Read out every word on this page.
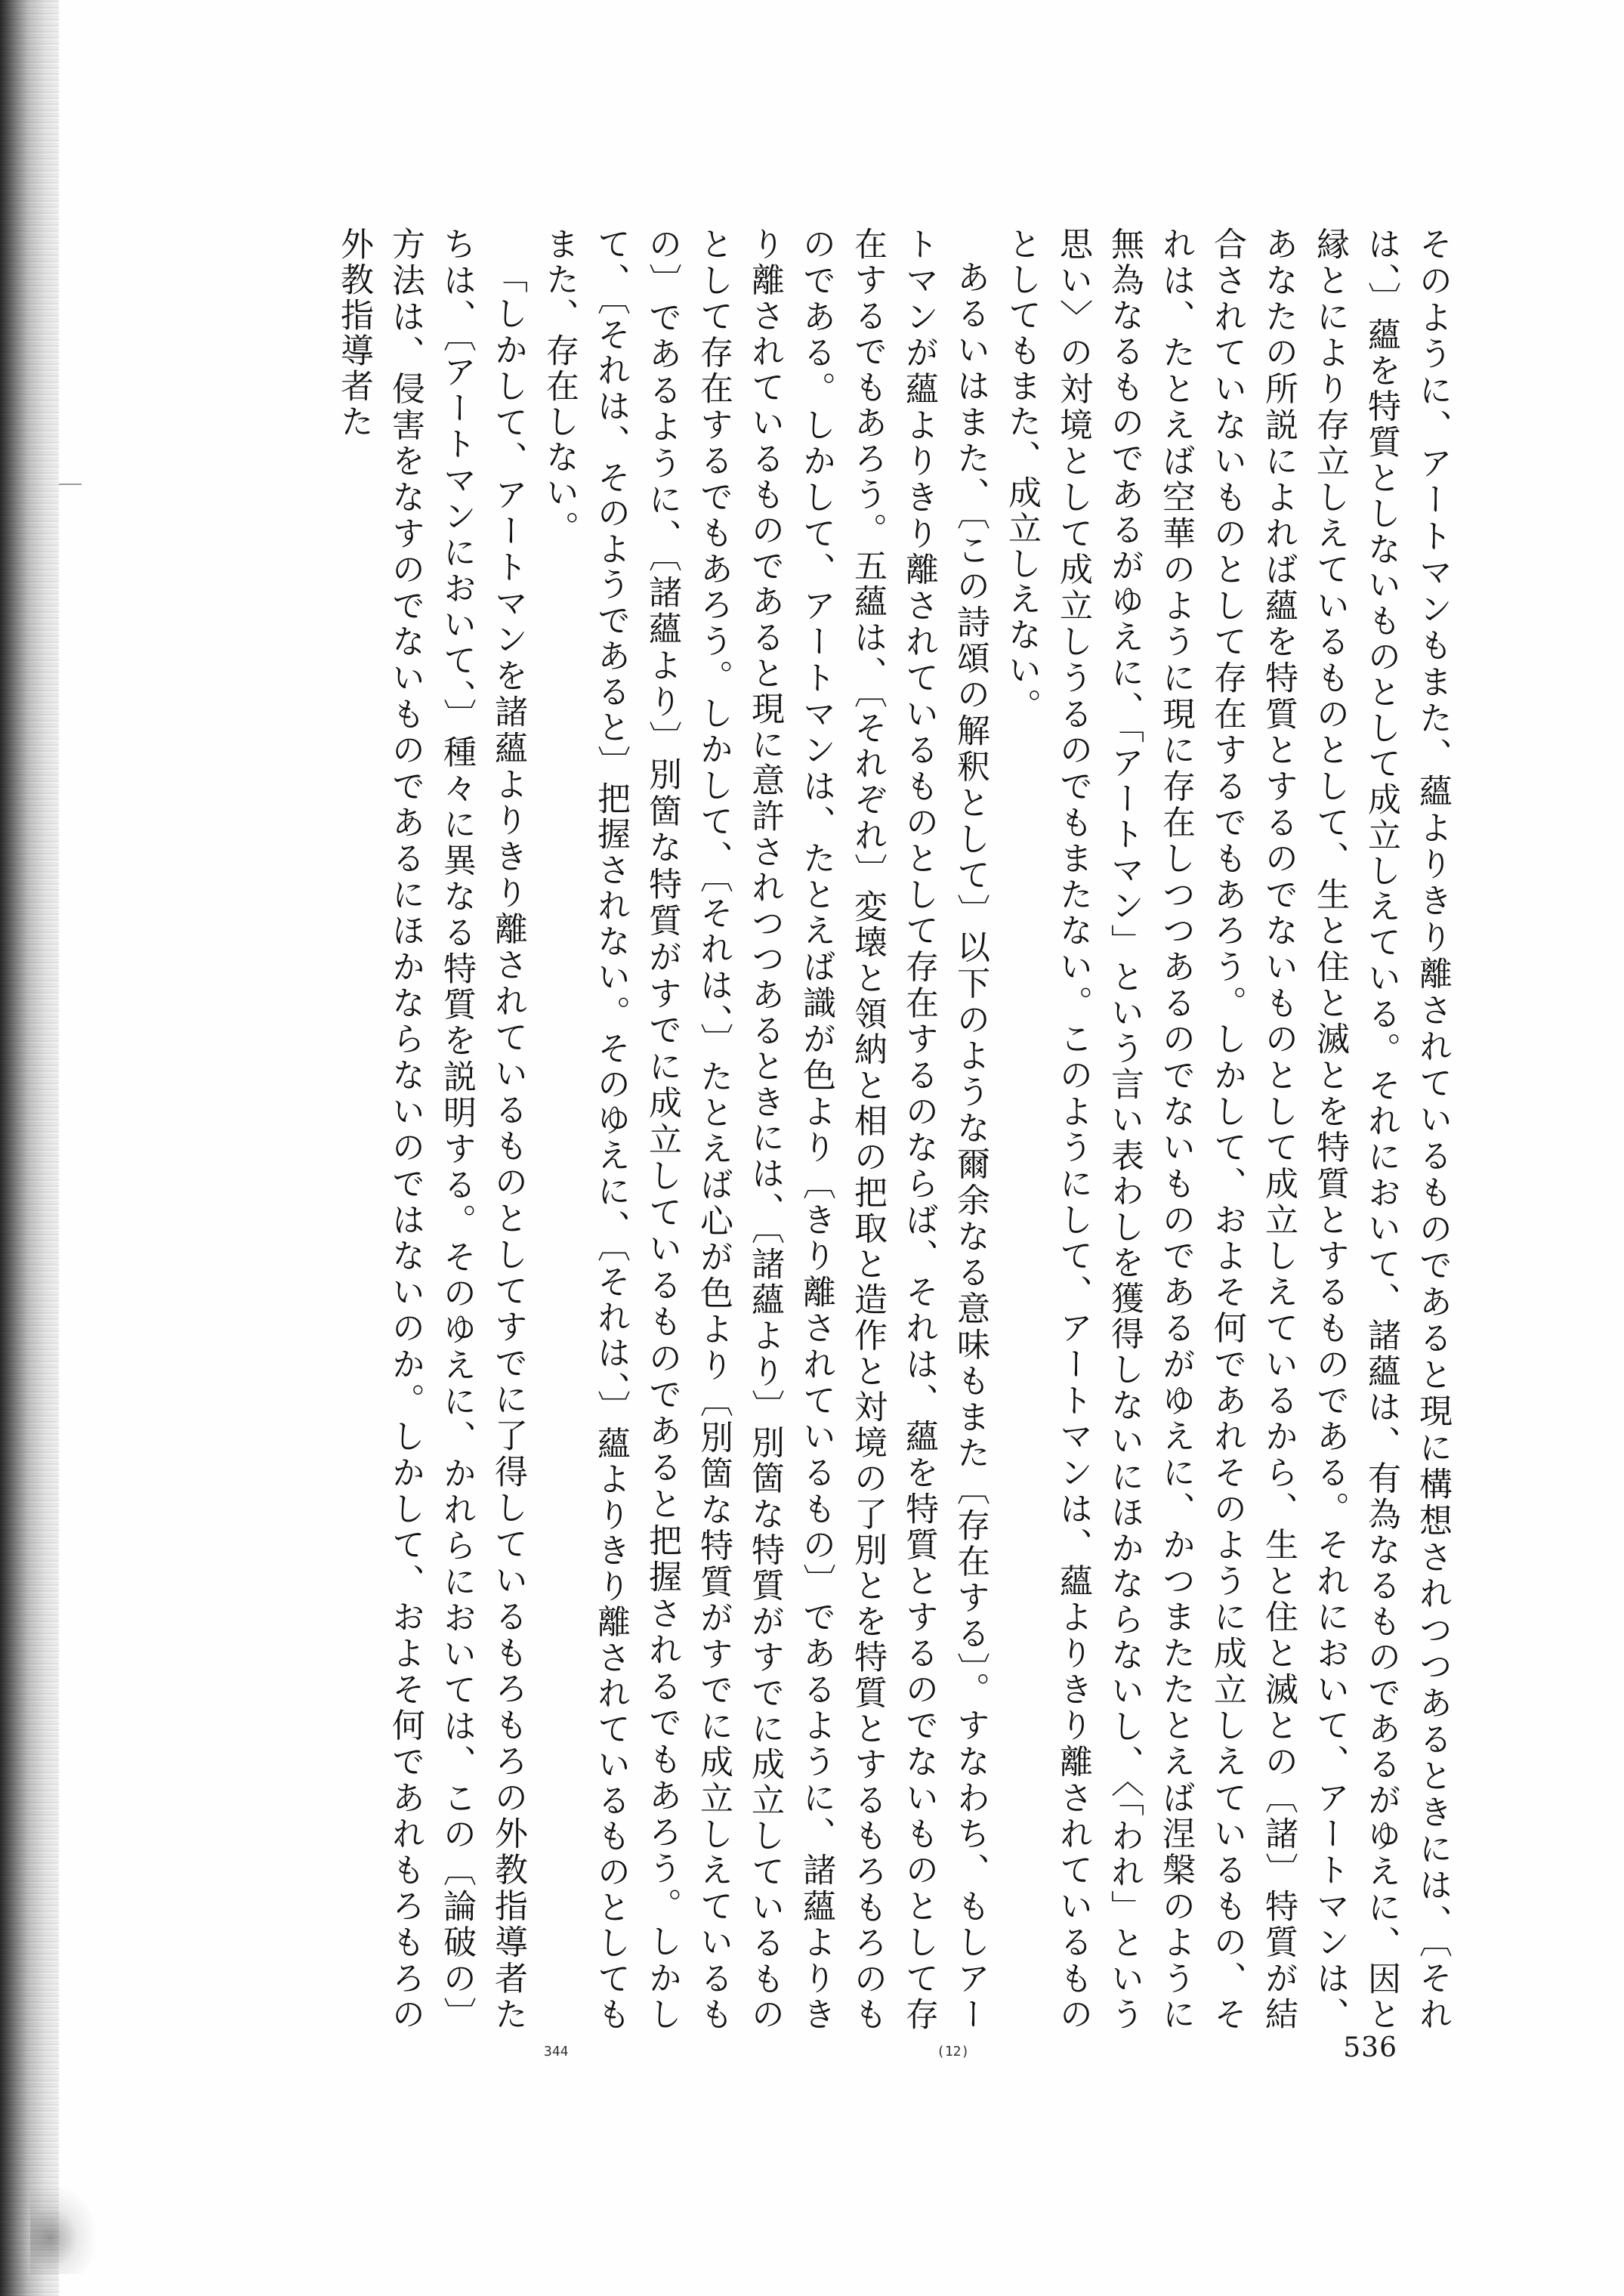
そのように、アートマンもまた、蘊よりきり離されているものであると現に構想されつつあるときには、〔それは、〕蘊を特質としないものとして成立しえている。それにおいて、諸蘊は、有為なるものであるがゆえに、因と縁とにより存立しえているものとして、生と住と滅とを特質とするものである。それにおいて、アートマンは、あなたの所説によれば蘊を特質とするのでないものとして成立しえているから、生と住と滅との〔諸〕特質が結合されていないものとして存在するでもあろう。しかして、およそ何であれそのように成立しえているもの、それは、たとえば空華のように現に存在しつつあるのでないものであるがゆえに、かつまたたとえば涅槃のように無為なるものであるがゆえに、「アートマン」という言い表わしを獲得しないにほかならないし、〈「われ」という思い〉の対境として成立しうるのでもまたない。このようにして、アートマンは、蘊よりきり離されているものとしてもまた、成立しえない。

あるいはまた、〔この詩頌の解釈として〕以下のような爾余なる意味もまた〔存在する〕。すなわち、もしアートマンが蘊よりきり離されているものとして存在するのならば、それは、蘊を特質とするのでないものとして存在するでもあろう。五蘊は、〔それぞれ〕変壊と領納と相の把取と造作と対境の了別とを特質とするもろもろのものである。しかして、アートマンは、たとえば識が色より〔きり離されているもの〕であるように、諸蘊よりきり離されているものであると現に意許されつつあるときには、〔諸蘊より〕別箇な特質がすでに成立しているものとして存在するでもあろう。しかして、〔それは、〕たとえば心が色より〔別箇な特質がすでに成立しえているもの〕であるように、〔諸蘊より〕別箇な特質がすでに成立しているものであると把握されるでもあろう。しかして、〔それは、そのようであると〕把握されない。そのゆえに、〔それは、〕蘊よりきり離されているものとしてもまた、存在しない。

「しかして、アートマンを諸蘊よりきり離されているものとしてすでに了得しているもろもろの外教指導者たちは、〔アートマンにおいて、〕種々に異なる特質を説明する。そのゆえに、かれらにおいては、この〔論破の〕方法は、侵害をなすのでないものであるにほかならないのではないのか。しかして、およそ何であれもろもろの外教指導者た

344	(12)	536
